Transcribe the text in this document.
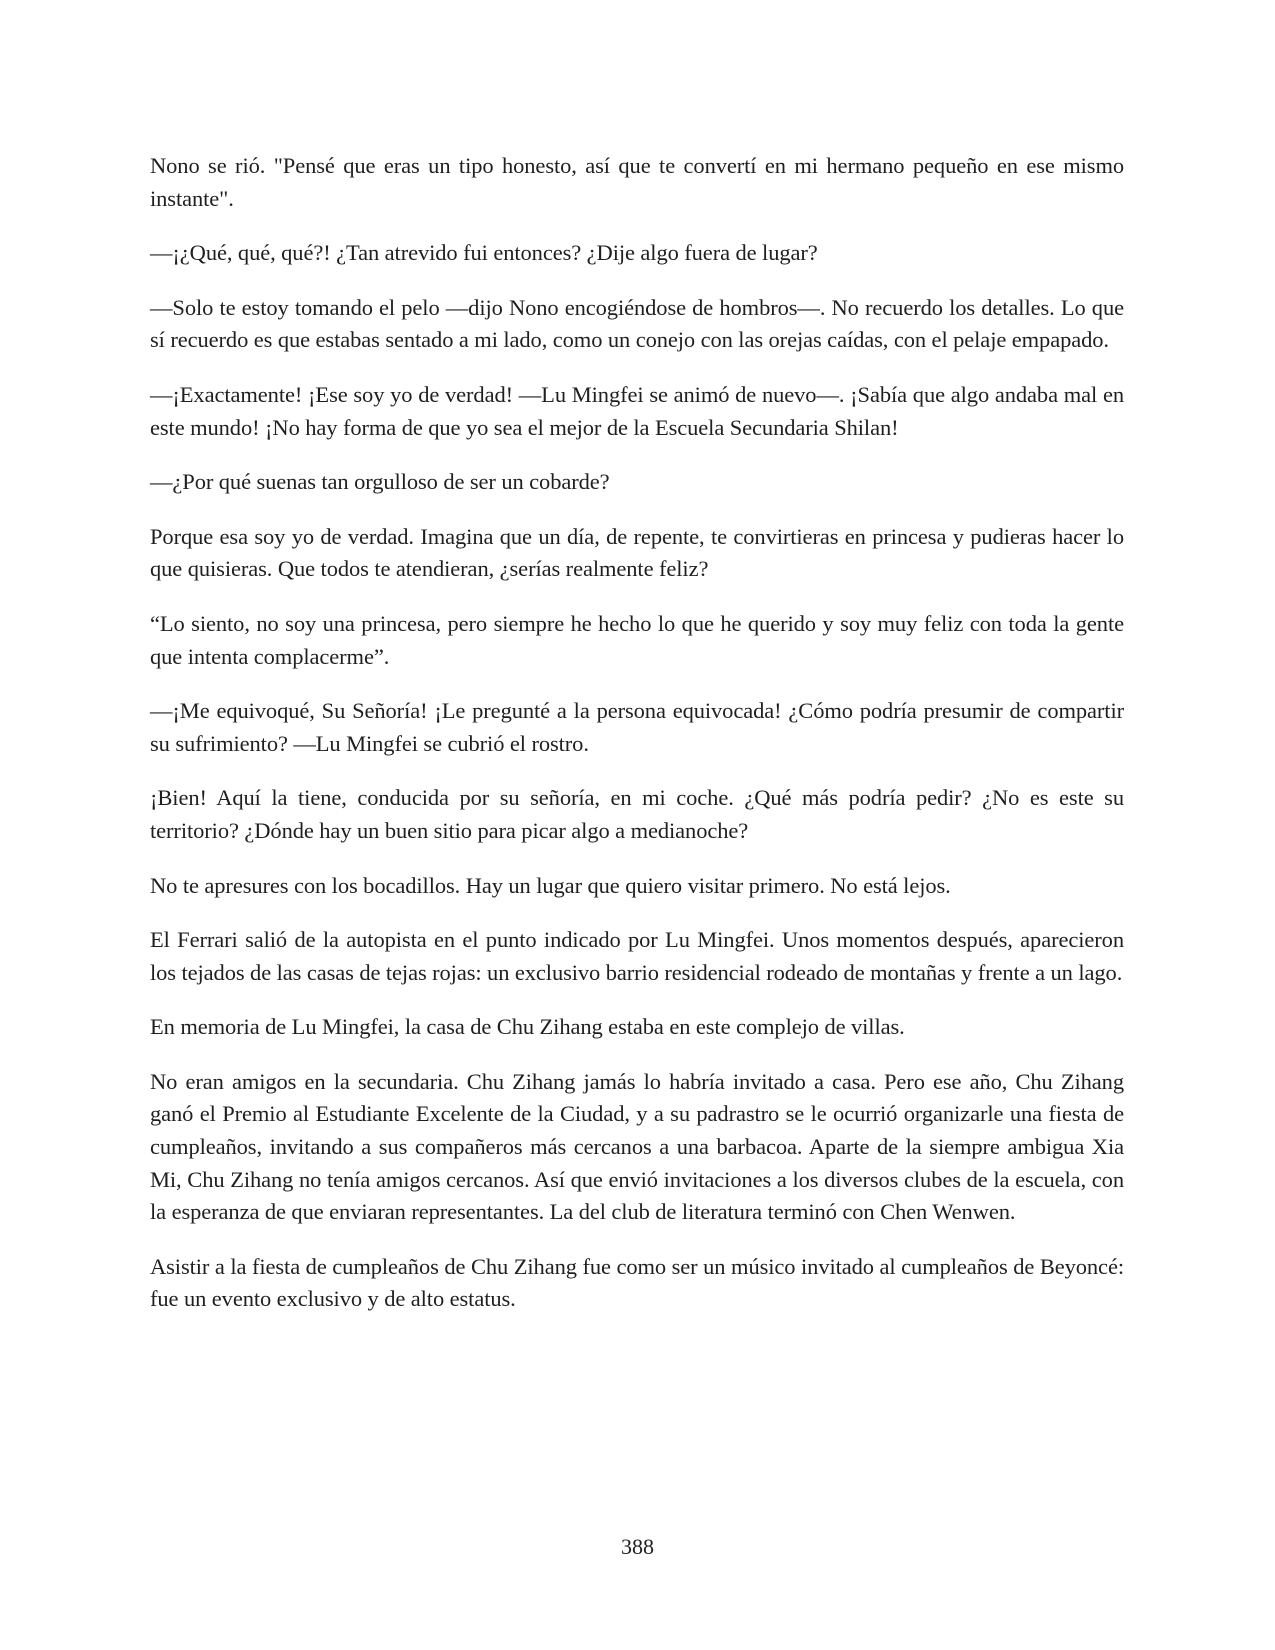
Nono se rió. "Pensé que eras un tipo honesto, así que te convertí en mi hermano pequeño en ese mismo instante".

—¡¿Qué, qué, qué?! ¿Tan atrevido fui entonces? ¿Dije algo fuera de lugar?

—Solo te estoy tomando el pelo —dijo Nono encogiéndose de hombros—. No recuerdo los detalles. Lo que sí recuerdo es que estabas sentado a mi lado, como un conejo con las orejas caídas, con el pelaje empapado.

—¡Exactamente! ¡Ese soy yo de verdad! —Lu Mingfei se animó de nuevo—. ¡Sabía que algo andaba mal en este mundo! ¡No hay forma de que yo sea el mejor de la Escuela Secundaria Shilan!

—¿Por qué suenas tan orgulloso de ser un cobarde?

Porque esa soy yo de verdad. Imagina que un día, de repente, te convirtieras en princesa y pudieras hacer lo que quisieras. Que todos te atendieran, ¿serías realmente feliz?

“Lo siento, no soy una princesa, pero siempre he hecho lo que he querido y soy muy feliz con toda la gente que intenta complacerme”.

—¡Me equivoqué, Su Señoría! ¡Le pregunté a la persona equivocada! ¿Cómo podría presumir de compartir su sufrimiento? —Lu Mingfei se cubrió el rostro.

¡Bien! Aquí la tiene, conducida por su señoría, en mi coche. ¿Qué más podría pedir? ¿No es este su territorio? ¿Dónde hay un buen sitio para picar algo a medianoche?

No te apresures con los bocadillos. Hay un lugar que quiero visitar primero. No está lejos.

El Ferrari salió de la autopista en el punto indicado por Lu Mingfei. Unos momentos después, aparecieron los tejados de las casas de tejas rojas: un exclusivo barrio residencial rodeado de montañas y frente a un lago.

En memoria de Lu Mingfei, la casa de Chu Zihang estaba en este complejo de villas.

No eran amigos en la secundaria. Chu Zihang jamás lo habría invitado a casa. Pero ese año, Chu Zihang ganó el Premio al Estudiante Excelente de la Ciudad, y a su padrastro se le ocurrió organizarle una fiesta de cumpleaños, invitando a sus compañeros más cercanos a una barbacoa. Aparte de la siempre ambigua Xia Mi, Chu Zihang no tenía amigos cercanos. Así que envió invitaciones a los diversos clubes de la escuela, con la esperanza de que enviaran representantes. La del club de literatura terminó con Chen Wenwen.

Asistir a la fiesta de cumpleaños de Chu Zihang fue como ser un músico invitado al cumpleaños de Beyoncé: fue un evento exclusivo y de alto estatus.

388
